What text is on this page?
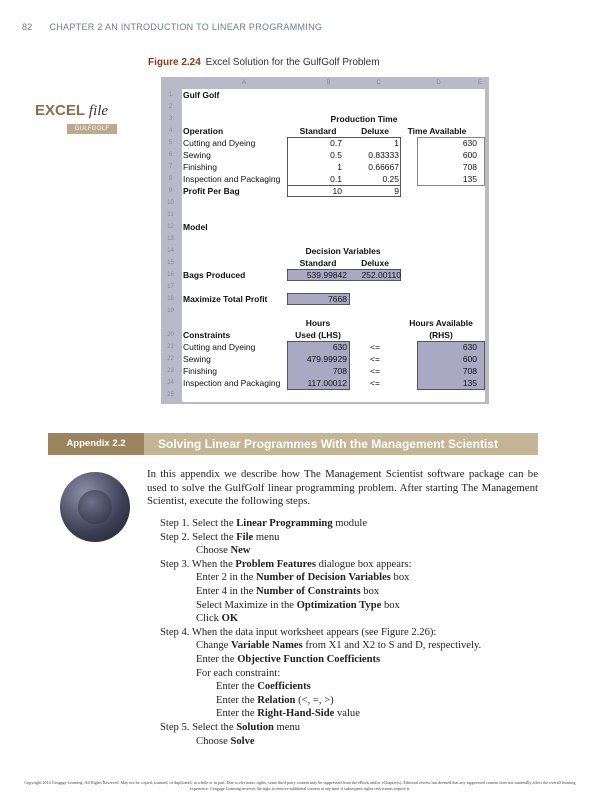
82 CHAPTER 2 AN INTRODUCTION TO LINEAR PROGRAMMING
Figure 2.24 Excel Solution for the GulfGolf Problem
EXCEL file
GULFGOLF
A	B	C	D	E
1	Gulf Golf
2
3	Production Time
4	Operation	Standard	Deluxe	Time Available
5	Cutting and Dyeing	0.7	1	630
6	Sewing	0.5	0.83333	600
7	Finishing	1	0.66667	708
8	Inspection and Packaging	0.1	0.25	135
9	Profit Per Bag	10	9
10
11
12	Model
13
14	Decision Variables
15	Standard	Deluxe
16	Bags Produced	539.99842	252.00110
17
18	Maximize Total Profit	7668
19
Hours	Hours Available
20	Constraints	Used (LHS)	(RHS)
21	Cutting and Dyeing	630	<=	630
22	Sewing	479.99929	<=	600
23	Finishing	708	<=	708
24	Inspection and Packaging	117.00012	<=	135
25
Appendix 2.2	Solving Linear Programmes With the Management Scientist
In this appendix we describe how The Management Scientist software package can be used to solve the GulfGolf linear programming problem. After starting The Management Scientist, execute the following steps.
Step 1. Select the Linear Programming module
Step 2. Select the File menu
Choose New
Step 3. When the Problem Features dialogue box appears:
Enter 2 in the Number of Decision Variables box
Enter 4 in the Number of Constraints box
Select Maximize in the Optimization Type box
Click OK
Step 4. When the data input worksheet appears (see Figure 2.26):
Change Variable Names from X1 and X2 to S and D, respectively.
Enter the Objective Function Coefficients
For each constraint:
Enter the Coefficients
Enter the Relation (<, =, >)
Enter the Right-Hand-Side value
Step 5. Select the Solution menu
Choose Solve
Copyright 2014 Cengage Learning. All Rights Reserved. May not be copied, scanned, or duplicated, in whole or in part. Due to electronic rights, some third party content may be suppressed from the eBook and/or eChapter(s). Editorial review has deemed that any suppressed content does not materially affect the overall learning experience. Cengage Learning reserves the right to remove additional content at any time if subsequent rights restrictions require it.
